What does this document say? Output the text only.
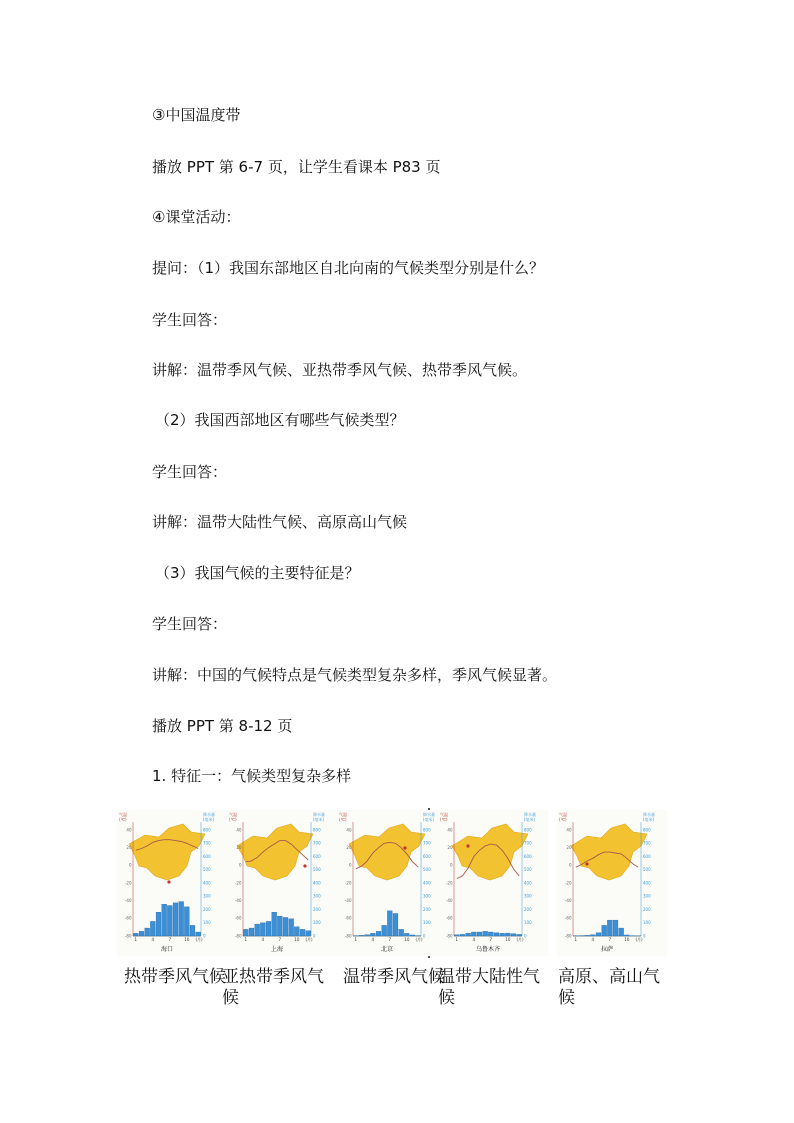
③中国温度带
播放 PPT 第 6-7 页，让学生看课本 P83 页
④课堂活动：
提问：（1）我国东部地区自北向南的气候类型分别是什么？
学生回答：
讲解：温带季风气候、亚热带季风气候、热带季风气候。
（2）我国西部地区有哪些气候类型？
学生回答：
讲解：温带大陆性气候、高原高山气候
（3）我国气候的主要特征是？
学生回答：
讲解：中国的气候特点是气候类型复杂多样，季风气候显著。
播放 PPT 第 8-12 页
1. 特征一：气候类型复杂多样
气温
(℃)
降水量
(毫米)
40
20
0
-20
-40
-60
-80
800
700
600
500
400
300
200
100
0
1	4	7	10 (月)
海口
热带季风气候
气温
(℃)
降水量
(毫米)
40
20
0
-20
-40
-60
-80
800
700
600
500
400
300
200
100
0
1	4	7	10 (月)
上海
亚热带季风气候
气温
(℃)
降水量
(毫米)
40
20
0
-20
-40
-60
-80
800
700
600
500
400
300
200
100
0
1	4	7	10 (月)
北京
温带季风气候
气温
(℃)
降水量
(毫米)
40
20
0
-20
-40
-60
-80
800
700
600
500
400
300
200
100
0
1	4	7	10 (月)
乌鲁木齐
温带大陆性气候
气温
(℃)
降水量
(毫米)
40
20
0
-20
-40
-60
-80
800
700
600
500
400
300
200
100
0
1	4	7	10 (月)
拉萨
高原、高山气候
